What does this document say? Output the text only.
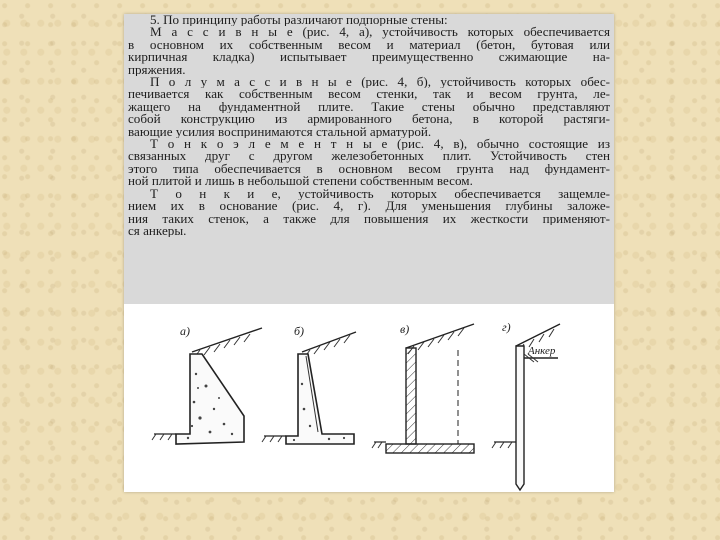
5. По принципу работы различают подпорные стены:
М а с с и в н ы е (рис. 4, а), устойчивость которых обеспечивается
в основном их собственным весом и материал (бетон, бутовая или
кирпичная кладка) испытывает преимущественно сжимающие на-
пряжения.
П о л у м а с с и в н ы е (рис. 4, б), устойчивость которых обес-
печивается как собственным весом стенки, так и весом грунта, ле-
жащего на фундаментной плите. Такие стены обычно представляют
собой конструкцию из армированного бетона, в которой растяги-
вающие усилия воспринимаются стальной арматурой.
Т о н к о э л е м е н т н ы е (рис. 4, в), обычно состоящие из
связанных друг с другом железобетонных плит. Устойчивость стен
этого типа обеспечивается в основном весом грунта над фундамент-
ной плитой и лишь в небольшой степени собственным весом.
Т о н к и е, устойчивость которых обеспечивается защемле-
нием их в основание (рис. 4, г). Для уменьшения глубины заложе-
ния таких стенок, а также для повышения их жесткости применяют-
ся анкеры.
а)	б)	в)	г)
Анкер
